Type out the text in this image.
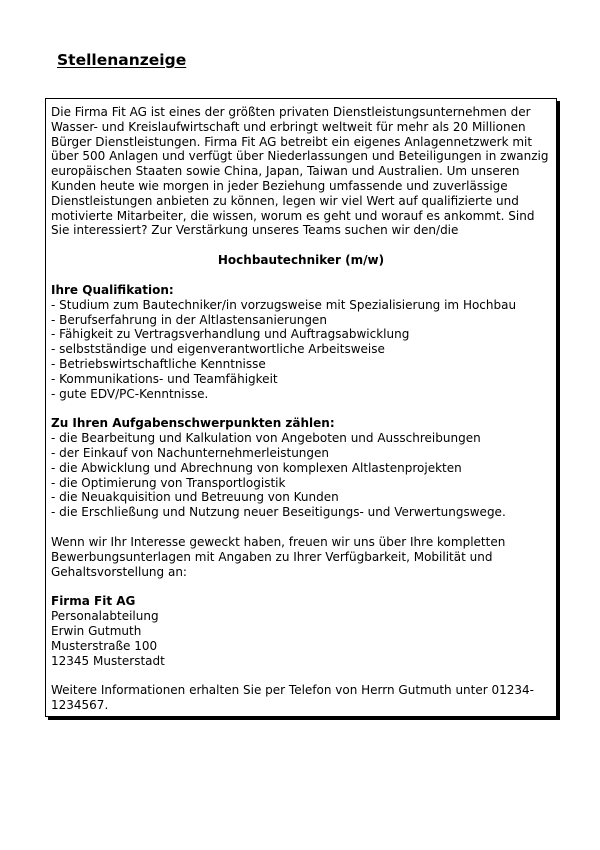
Stellenanzeige

Die Firma Fit AG ist eines der größten privaten Dienstleistungsunternehmen der Wasser- und Kreislaufwirtschaft und erbringt weltweit für mehr als 20 Millionen Bürger Dienstleistungen. Firma Fit AG betreibt ein eigenes Anlagennetzwerk mit über 500 Anlagen und verfügt über Niederlassungen und Beteiligungen in zwanzig europäischen Staaten sowie China, Japan, Taiwan und Australien. Um unseren Kunden heute wie morgen in jeder Beziehung umfassende und zuverlässige Dienstleistungen anbieten zu können, legen wir viel Wert auf qualifizierte und motivierte Mitarbeiter, die wissen, worum es geht und worauf es ankommt. Sind Sie interessiert? Zur Verstärkung unseres Teams suchen wir den/die

Hochbautechniker (m/w)

Ihre Qualifikation:

- Studium zum Bautechniker/in vorzugsweise mit Spezialisierung im Hochbau
- Berufserfahrung in der Altlastensanierungen
- Fähigkeit zu Vertragsverhandlung und Auftragsabwicklung
- selbstständige und eigenverantwortliche Arbeitsweise
- Betriebswirtschaftliche Kenntnisse
- Kommunikations- und Teamfähigkeit
- gute EDV/PC-Kenntnisse.

Zu Ihren Aufgabenschwerpunkten zählen:

- die Bearbeitung und Kalkulation von Angeboten und Ausschreibungen
- der Einkauf von Nachunternehmerleistungen
- die Abwicklung und Abrechnung von komplexen Altlastenprojekten
- die Optimierung von Transportlogistik
- die Neuakquisition und Betreuung von Kunden
- die Erschließung und Nutzung neuer Beseitigungs- und Verwertungswege.

Wenn wir Ihr Interesse geweckt haben, freuen wir uns über Ihre kompletten Bewerbungsunterlagen mit Angaben zu Ihrer Verfügbarkeit, Mobilität und Gehaltsvorstellung an:

Firma Fit AG
Personalabteilung
Erwin Gutmuth
Musterstraße 100
12345 Musterstadt

Weitere Informationen erhalten Sie per Telefon von Herrn Gutmuth unter 01234-1234567.
